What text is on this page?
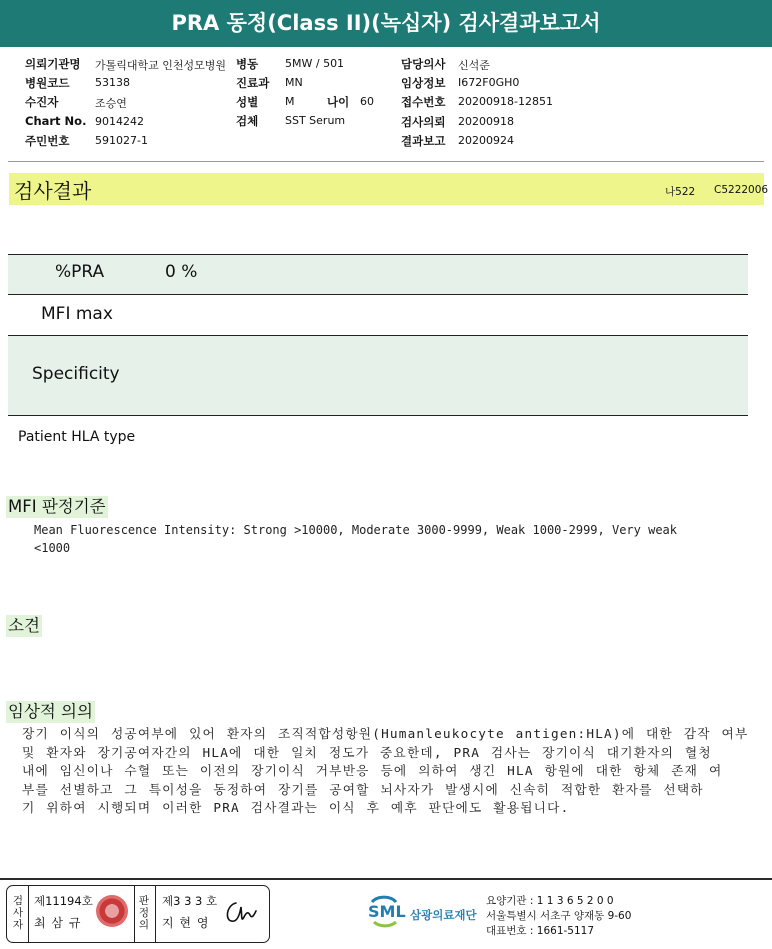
PRA 동정(Class II)(녹십자) 검사결과보고서
의뢰기관명 가톨릭대학교 인천성모병원 병동 5MW / 501	담당의사 신석준
병원코드 53138	진료과 MN	임상정보 I672F0GH0
수진자	조승연	성별 M	나이 60 접수번호 20200918-12851
Chart No. 9014242	검체 SST Serum	검사의뢰 20200918
주민번호 591027-1	결과보고 20200924
검사결과	나522 C5222006
%PRA	0 %
MFI max
Specificity
Patient HLA type
MFI 판정기준
Mean Fluorescence Intensity: Strong >10000, Moderate 3000-9999, Weak 1000-2999, Very weak
<1000
소견
임상적 의의
장기 이식의 성공여부에 있어 환자의 조직적합성항원(Humanleukocyte antigen:HLA)에 대한 감작 여부
및 환자와 장기공여자간의 HLA에 대한 일치 정도가 중요한데, PRA 검사는 장기이식 대기환자의 혈청
내에 임신이나 수혈 또는 이전의 장기이식 거부반응 등에 의하여 생긴 HLA 항원에 대한 항체 존재 여
부를 선별하고 그 특이성을 동정하여 장기를 공여할 뇌사자가 발생시에 신속히 적합한 환자를 선택하
기 위하여 시행되며 이러한 PRA 검사결과는 이식 후 예후 판단에도 활용됩니다.
검
사
자
제11194호
최 삼 규
판
정
의
제3 3 3 호
지 현 영
SML 삼광의료재단
요양기관 : 1 1 3 6 5 2 0 0
서울특별시 서초구 양재동 9-60
대표번호 : 1661-5117
